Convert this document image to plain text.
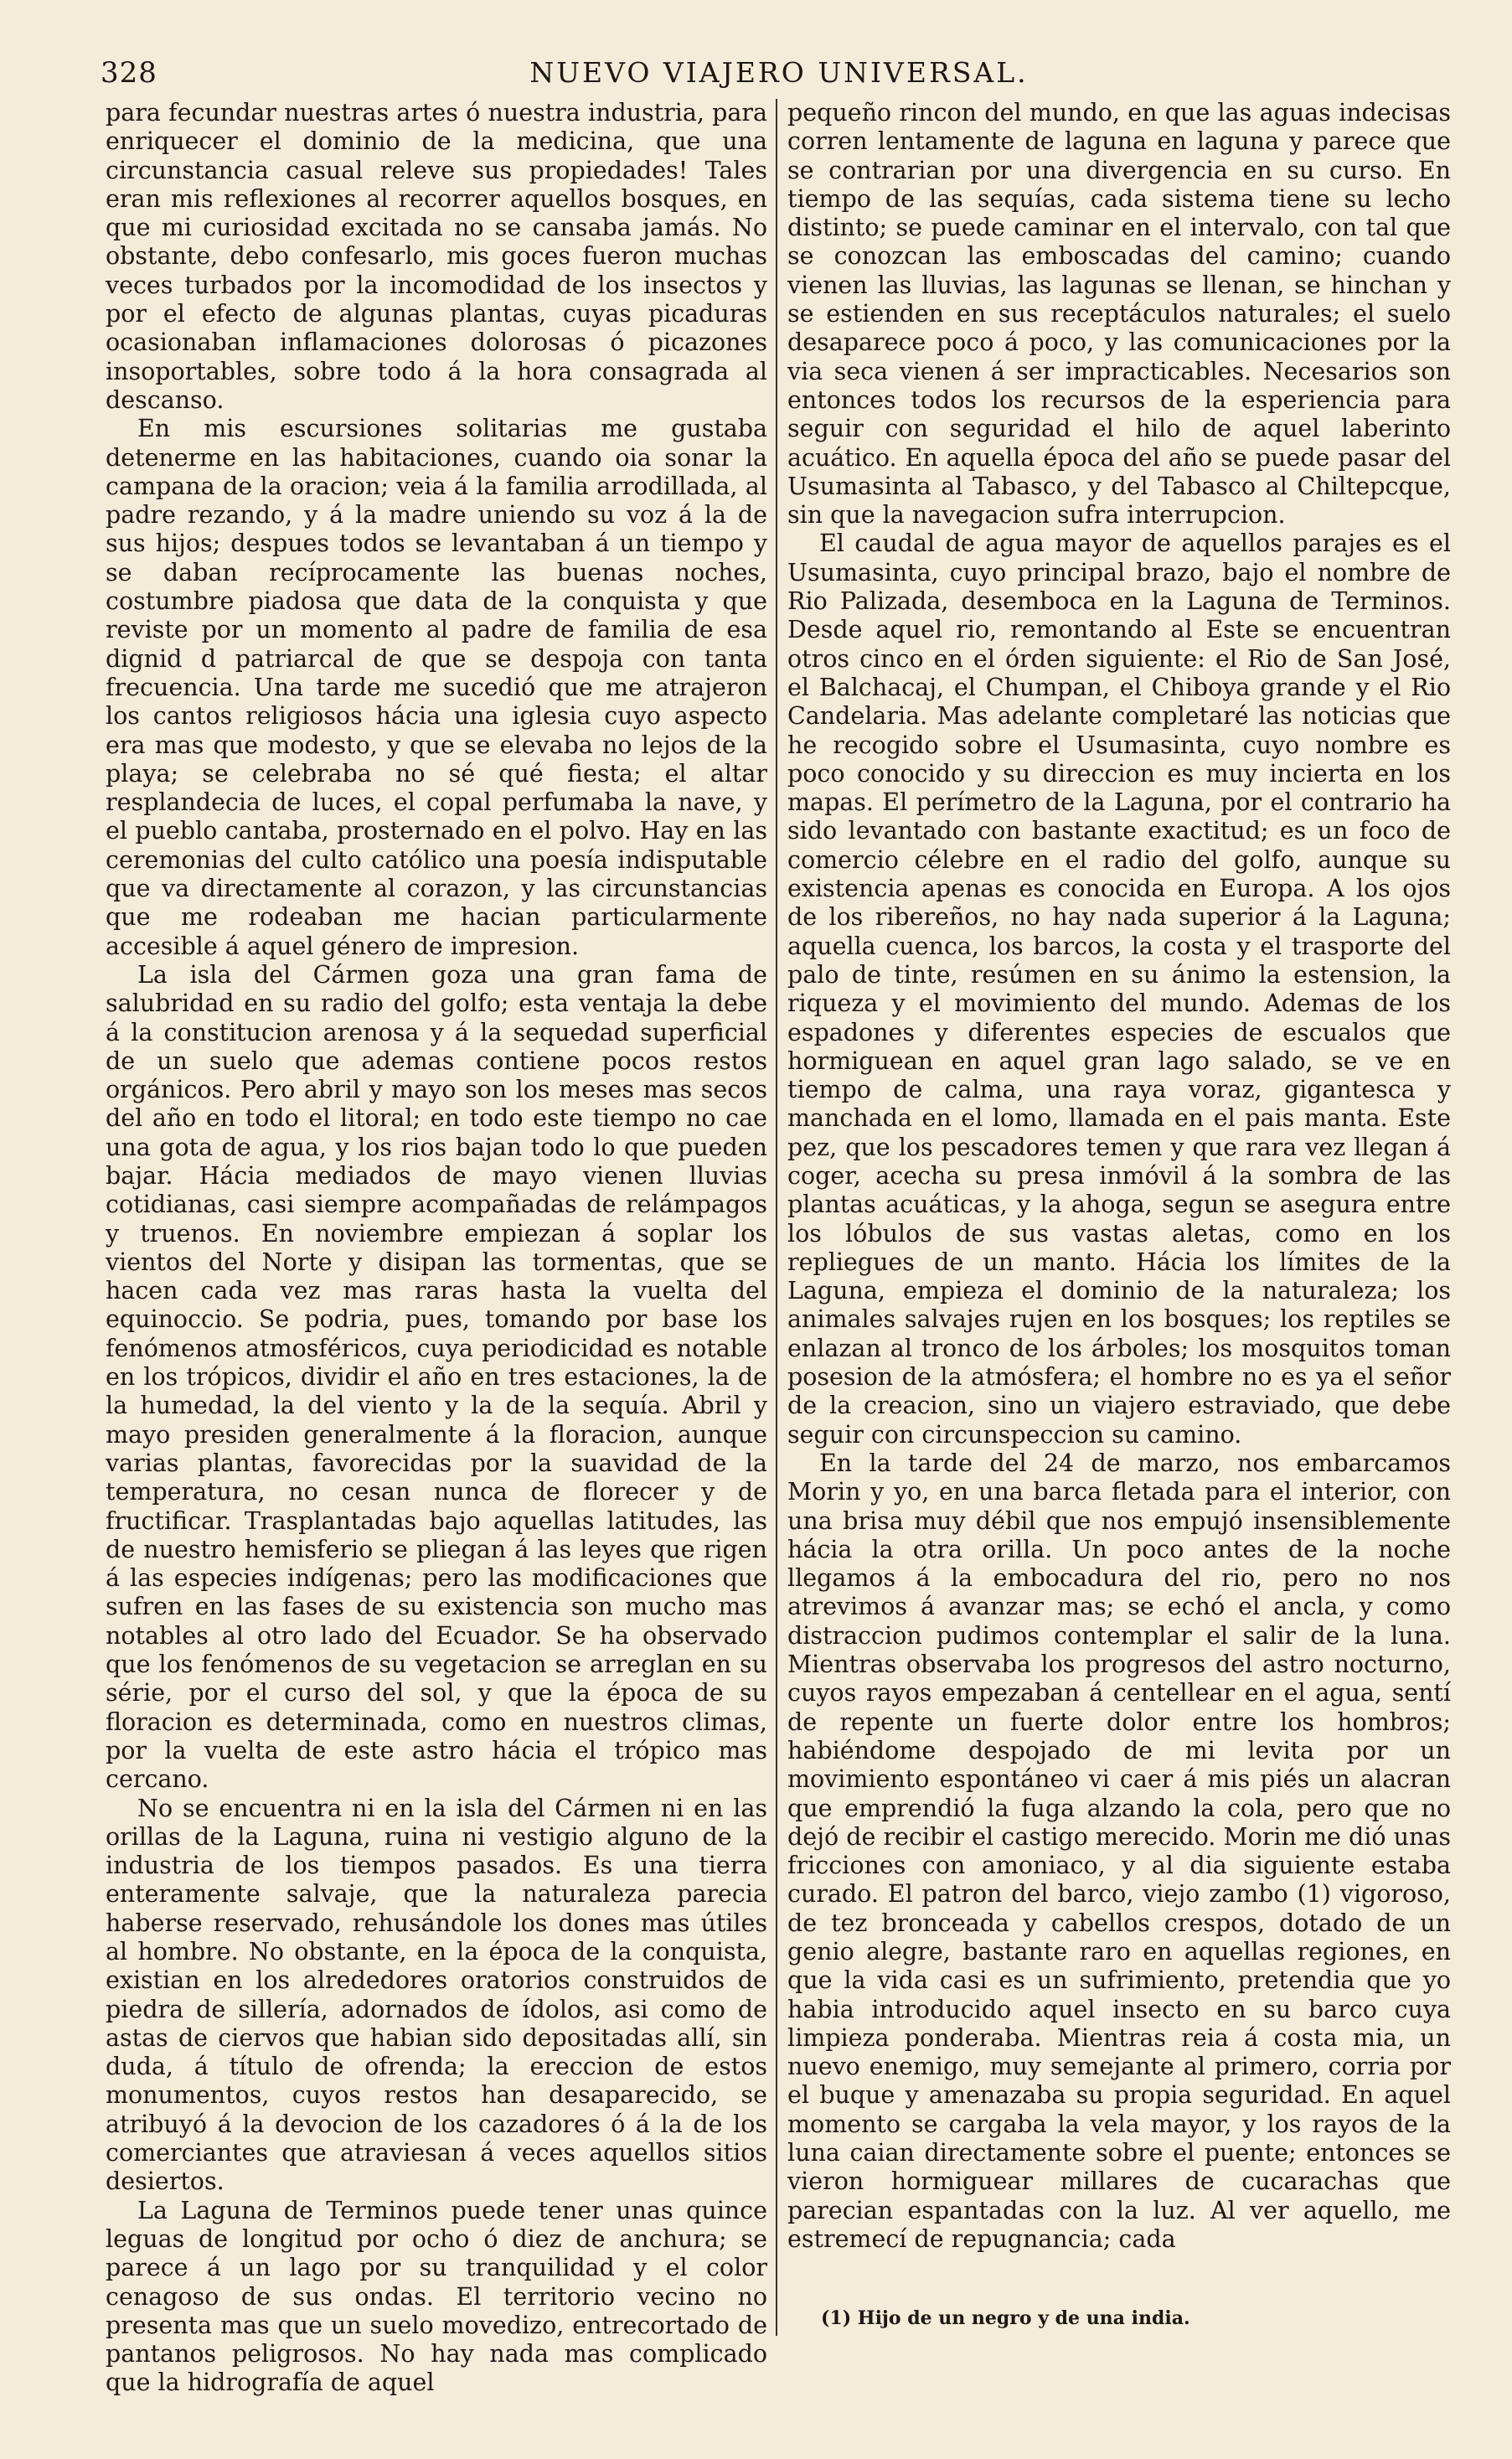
328	NUEVO VIAJERO UNIVERSAL.

para fecundar nuestras artes ó nuestra industria, para enriquecer el dominio de la medicina, que una circunstancia casual releve sus propiedades! Tales eran mis reflexiones al recorrer aquellos bosques, en que mi curiosidad excitada no se cansaba jamás. No obstante, debo confesarlo, mis goces fueron muchas veces turbados por la incomodidad de los insectos y por el efecto de algunas plantas, cuyas picaduras ocasionaban inflamaciones dolorosas ó picazones insoportables, sobre todo á la hora consagrada al descanso.

En mis escursiones solitarias me gustaba detenerme en las habitaciones, cuando oia sonar la campana de la oracion; veia á la familia arrodillada, al padre rezando, y á la madre uniendo su voz á la de sus hijos; despues todos se levantaban á un tiempo y se daban recíprocamente las buenas noches, costumbre piadosa que data de la conquista y que reviste por un momento al padre de familia de esa dignid d patriarcal de que se despoja con tanta frecuencia. Una tarde me sucedió que me atrajeron los cantos religiosos hácia una iglesia cuyo aspecto era mas que modesto, y que se elevaba no lejos de la playa; se celebraba no sé qué fiesta; el altar resplandecia de luces, el copal perfumaba la nave, y el pueblo cantaba, prosternado en el polvo. Hay en las ceremonias del culto católico una poesía indisputable que va directamente al corazon, y las circunstancias que me rodeaban me hacian particularmente accesible á aquel género de impresion.

La isla del Cármen goza una gran fama de salubridad en su radio del golfo; esta ventaja la debe á la constitucion arenosa y á la sequedad superficial de un suelo que ademas contiene pocos restos orgánicos. Pero abril y mayo son los meses mas secos del año en todo el litoral; en todo este tiempo no cae una gota de agua, y los rios bajan todo lo que pueden bajar. Hácia mediados de mayo vienen lluvias cotidianas, casi siempre acompañadas de relámpagos y truenos. En noviembre empiezan á soplar los vientos del Norte y disipan las tormentas, que se hacen cada vez mas raras hasta la vuelta del equinoccio. Se podria, pues, tomando por base los fenómenos atmosféricos, cuya periodicidad es notable en los trópicos, dividir el año en tres estaciones, la de la humedad, la del viento y la de la sequía. Abril y mayo presiden generalmente á la floracion, aunque varias plantas, favorecidas por la suavidad de la temperatura, no cesan nunca de florecer y de fructificar. Trasplantadas bajo aquellas latitudes, las de nuestro hemisferio se pliegan á las leyes que rigen á las especies indígenas; pero las modificaciones que sufren en las fases de su existencia son mucho mas notables al otro lado del Ecuador. Se ha observado que los fenómenos de su vegetacion se arreglan en su série, por el curso del sol, y que la época de su floracion es determinada, como en nuestros climas, por la vuelta de este astro hácia el trópico mas cercano.

No se encuentra ni en la isla del Cármen ni en las orillas de la Laguna, ruina ni vestigio alguno de la industria de los tiempos pasados. Es una tierra enteramente salvaje, que la naturaleza parecia haberse reservado, rehusándole los dones mas útiles al hombre. No obstante, en la época de la conquista, existian en los alrededores oratorios construidos de piedra de sillería, adornados de ídolos, asi como de astas de ciervos que habian sido depositadas allí, sin duda, á título de ofrenda; la ereccion de estos monumentos, cuyos restos han desaparecido, se atribuyó á la devocion de los cazadores ó á la de los comerciantes que atraviesan á veces aquellos sitios desiertos.

La Laguna de Terminos puede tener unas quince leguas de longitud por ocho ó diez de anchura; se parece á un lago por su tranquilidad y el color cenagoso de sus ondas. El territorio vecino no presenta mas que un suelo movedizo, entrecortado de pantanos peligrosos. No hay nada mas complicado que la hidrografía de aquel

pequeño rincon del mundo, en que las aguas indecisas corren lentamente de laguna en laguna y parece que se contrarian por una divergencia en su curso. En tiempo de las sequías, cada sistema tiene su lecho distinto; se puede caminar en el intervalo, con tal que se conozcan las emboscadas del camino; cuando vienen las lluvias, las lagunas se llenan, se hinchan y se estienden en sus receptáculos naturales; el suelo desaparece poco á poco, y las comunicaciones por la via seca vienen á ser impracticables. Necesarios son entonces todos los recursos de la esperiencia para seguir con seguridad el hilo de aquel laberinto acuático. En aquella época del año se puede pasar del Usumasinta al Tabasco, y del Tabasco al Chiltepcque, sin que la navegacion sufra interrupcion.

El caudal de agua mayor de aquellos parajes es el Usumasinta, cuyo principal brazo, bajo el nombre de Rio Palizada, desemboca en la Laguna de Terminos. Desde aquel rio, remontando al Este se encuentran otros cinco en el órden siguiente: el Rio de San José, el Balchacaj, el Chumpan, el Chiboya grande y el Rio Candelaria. Mas adelante completaré las noticias que he recogido sobre el Usumasinta, cuyo nombre es poco conocido y su direccion es muy incierta en los mapas. El perímetro de la Laguna, por el contrario ha sido levantado con bastante exactitud; es un foco de comercio célebre en el radio del golfo, aunque su existencia apenas es conocida en Europa. A los ojos de los ribereños, no hay nada superior á la Laguna; aquella cuenca, los barcos, la costa y el trasporte del palo de tinte, resúmen en su ánimo la estension, la riqueza y el movimiento del mundo. Ademas de los espadones y diferentes especies de escualos que hormiguean en aquel gran lago salado, se ve en tiempo de calma, una raya voraz, gigantesca y manchada en el lomo, llamada en el pais manta. Este pez, que los pescadores temen y que rara vez llegan á coger, acecha su presa inmóvil á la sombra de las plantas acuáticas, y la ahoga, segun se asegura entre los lóbulos de sus vastas aletas, como en los repliegues de un manto. Hácia los límites de la Laguna, empieza el dominio de la naturaleza; los animales salvajes rujen en los bosques; los reptiles se enlazan al tronco de los árboles; los mosquitos toman posesion de la atmósfera; el hombre no es ya el señor de la creacion, sino un viajero estraviado, que debe seguir con circunspeccion su camino.

En la tarde del 24 de marzo, nos embarcamos Morin y yo, en una barca fletada para el interior, con una brisa muy débil que nos empujó insensiblemente hácia la otra orilla. Un poco antes de la noche llegamos á la embocadura del rio, pero no nos atrevimos á avanzar mas; se echó el ancla, y como distraccion pudimos contemplar el salir de la luna. Mientras observaba los progresos del astro nocturno, cuyos rayos empezaban á centellear en el agua, sentí de repente un fuerte dolor entre los hombros; habiéndome despojado de mi levita por un movimiento espontáneo vi caer á mis piés un alacran que emprendió la fuga alzando la cola, pero que no dejó de recibir el castigo merecido. Morin me dió unas fricciones con amoniaco, y al dia siguiente estaba curado. El patron del barco, viejo zambo (1) vigoroso, de tez bronceada y cabellos crespos, dotado de un genio alegre, bastante raro en aquellas regiones, en que la vida casi es un sufrimiento, pretendia que yo habia introducido aquel insecto en su barco cuya limpieza ponderaba. Mientras reia á costa mia, un nuevo enemigo, muy semejante al primero, corria por el buque y amenazaba su propia seguridad. En aquel momento se cargaba la vela mayor, y los rayos de la luna caian directamente sobre el puente; entonces se vieron hormiguear millares de cucarachas que parecian espantadas con la luz. Al ver aquello, me estremecí de repugnancia; cada

(1) Hijo de un negro y de una india.
